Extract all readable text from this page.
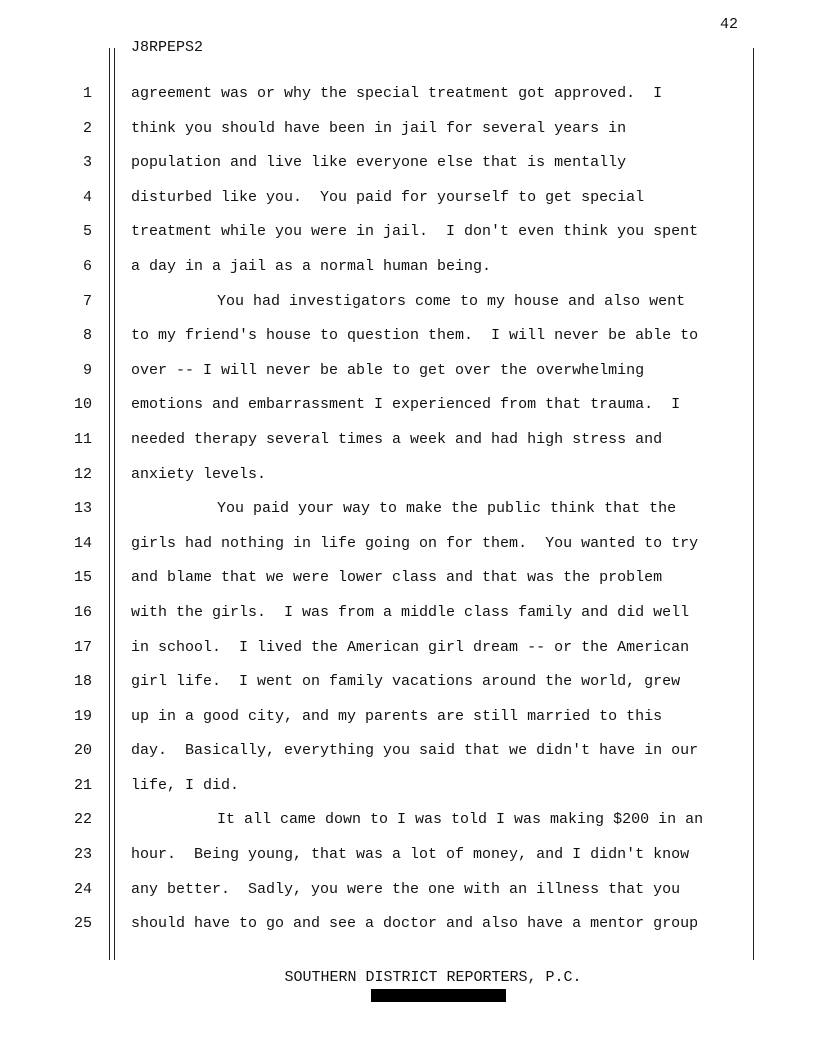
42
J8RPEPS2
1	agreement was or why the special treatment got approved.  I
2	think you should have been in jail for several years in
3	population and live like everyone else that is mentally
4	disturbed like you.  You paid for yourself to get special
5	treatment while you were in jail.  I don't even think you spent
6	a day in a jail as a normal human being.
7	You had investigators come to my house and also went
8	to my friend's house to question them.  I will never be able to
9	over -- I will never be able to get over the overwhelming
10	emotions and embarrassment I experienced from that trauma.  I
11	needed therapy several times a week and had high stress and
12	anxiety levels.
13	You paid your way to make the public think that the
14	girls had nothing in life going on for them.  You wanted to try
15	and blame that we were lower class and that was the problem
16	with the girls.  I was from a middle class family and did well
17	in school.  I lived the American girl dream -- or the American
18	girl life.  I went on family vacations around the world, grew
19	up in a good city, and my parents are still married to this
20	day.  Basically, everything you said that we didn't have in our
21	life, I did.
22	It all came down to I was told I was making $200 in an
23	hour.  Being young, that was a lot of money, and I didn't know
24	any better.  Sadly, you were the one with an illness that you
25	should have to go and see a doctor and also have a mentor group
SOUTHERN DISTRICT REPORTERS, P.C.
